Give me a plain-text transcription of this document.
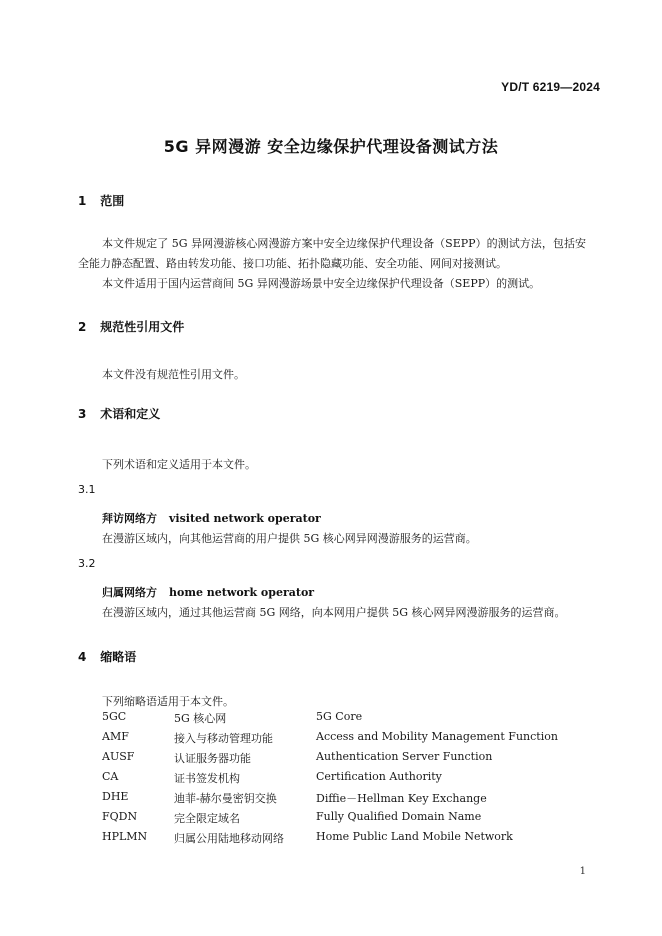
YD/T 6219—2024
5G 异网漫游 安全边缘保护代理设备测试方法
1 范围

本文件规定了 5G 异网漫游核心网漫游方案中安全边缘保护代理设备（SEPP）的测试方法，包括安全能力静态配置、路由转发功能、接口功能、拓扑隐藏功能、安全功能、网间对接测试。

本文件适用于国内运营商间 5G 异网漫游场景中安全边缘保护代理设备（SEPP）的测试。

2 规范性引用文件
本文件没有规范性引用文件。
3 术语和定义
下列术语和定义适用于本文件。
3.1
拜访网络方 visited network operator
在漫游区域内，向其他运营商的用户提供 5G 核心网异网漫游服务的运营商。
3.2
归属网络方 home network operator
在漫游区域内，通过其他运营商 5G 网络，向本网用户提供 5G 核心网异网漫游服务的运营商。
4 缩略语
下列缩略语适用于本文件。
5GC	5G 核心网	5G Core
AMF	接入与移动管理功能	Access and Mobility Management Function
AUSF	认证服务器功能	Authentication Server Function
CA	证书签发机构	Certification Authority
DHE	迪菲-赫尔曼密钥交换	Diffie－Hellman Key Exchange
FQDN	完全限定域名	Fully Qualified Domain Name
HPLMN 归属公用陆地移动网络	Home Public Land Mobile Network
1
